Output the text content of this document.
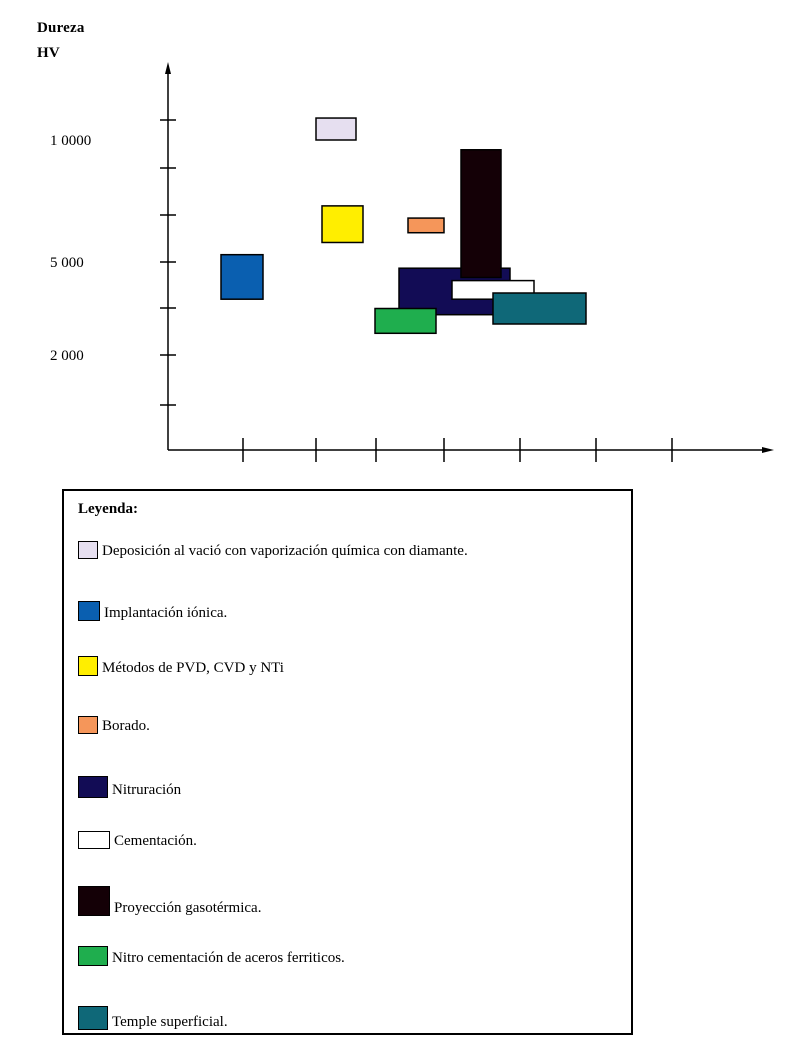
1 0000
5 000
2 000
Dureza
HV
Leyenda:
Deposición al vació con vaporización química con diamante.
Implantación iónica.
Métodos de PVD, CVD y NTi
Borado.
Nitruración
Cementación.
Proyección gasotérmica.
Nitro cementación de aceros ferriticos.
Temple superficial.
